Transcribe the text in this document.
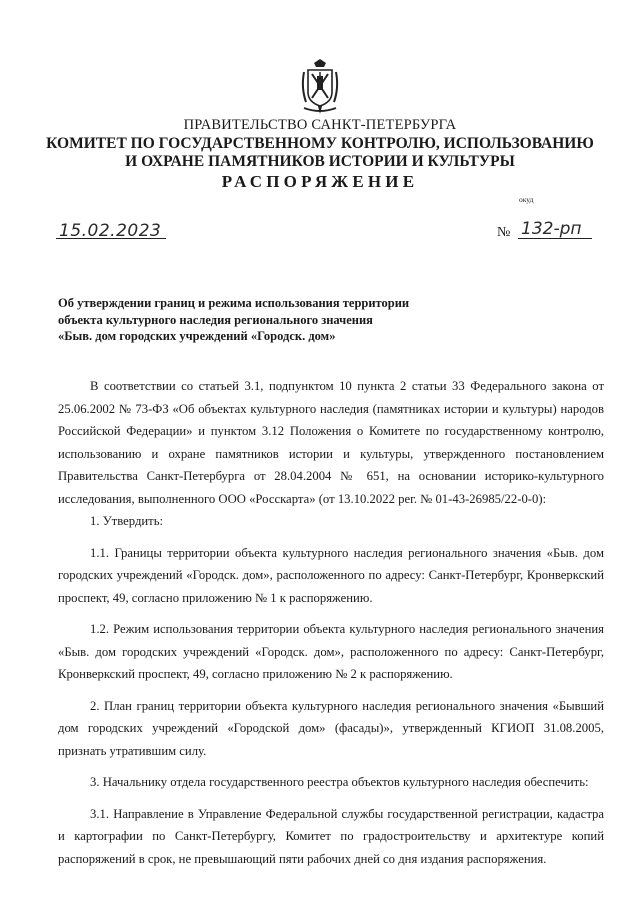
ПРАВИТЕЛЬСТВО САНКТ-ПЕТЕРБУРГА
КОМИТЕТ ПО ГОСУДАРСТВЕННОМУ КОНТРОЛЮ, ИСПОЛЬЗОВАНИЮ
И ОХРАНЕ ПАМЯТНИКОВ ИСТОРИИ И КУЛЬТУРЫ
РАСПОРЯЖЕНИЕ
окуд
15.02.2023	№ 132-рп
Об утверждении границ и режима использования территории
объекта культурного наследия регионального значения
«Быв. дом городских учреждений «Городск. дом»

В соответствии со статьей 3.1, подпунктом 10 пункта 2 статьи 33 Федерального закона от 25.06.2002 № 73-ФЗ «Об объектах культурного наследия (памятниках истории и культуры) народов Российской Федерации» и пунктом 3.12 Положения о Комитете по государственному контролю, использованию и охране памятников истории и культуры, утвержденного постановлением Правительства Санкт-Петербурга от 28.04.2004 № 651, на основании историко-культурного исследования, выполненного ООО «Росскарта» (от 13.10.2022 рег. № 01-43-26985/22-0-0):

1. Утвердить:

1.1. Границы территории объекта культурного наследия регионального значения «Быв. дом городских учреждений «Городск. дом», расположенного по адресу: Санкт-Петербург, Кронверкский проспект, 49, согласно приложению № 1 к распоряжению.

1.2. Режим использования территории объекта культурного наследия регионального значения «Быв. дом городских учреждений «Городск. дом», расположенного по адресу: Санкт-Петербург, Кронверкский проспект, 49, согласно приложению № 2 к распоряжению.

2. План границ территории объекта культурного наследия регионального значения «Бывший дом городских учреждений «Городской дом» (фасады)», утвержденный КГИОП 31.08.2005, признать утратившим силу.

3. Начальнику отдела государственного реестра объектов культурного наследия обеспечить:

3.1. Направление в Управление Федеральной службы государственной регистрации, кадастра и картографии по Санкт-Петербургу, Комитет по градостроительству и архитектуре копий распоряжений в срок, не превышающий пяти рабочих дней со дня издания распоряжения.
